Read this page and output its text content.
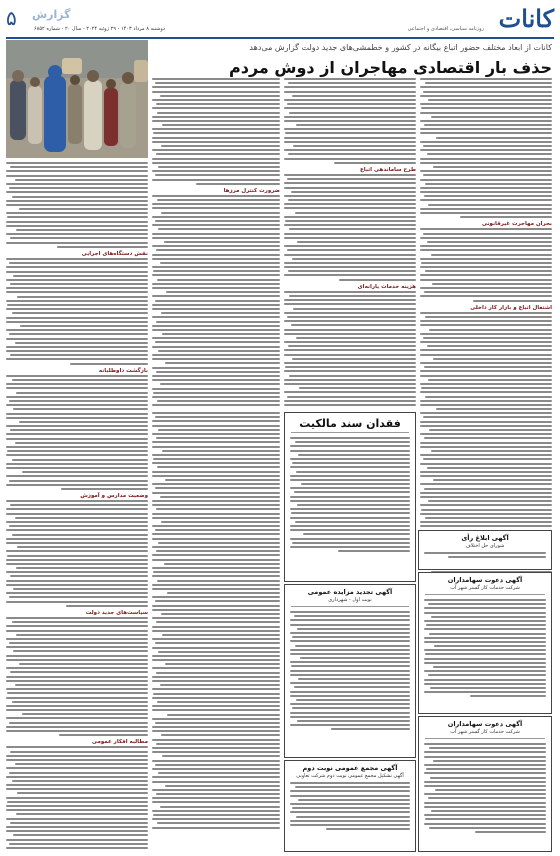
کانات
روزنامه سیاسی، اقتصادی و اجتماعی
۵ گزارش
دوشنبه ۸ مرداد ۱۴۰۳ - ۲۹ ژوئیه ۲۰۲۴ - سال ۲۰ - شماره ۶۸۵۲
کانات از ابعاد مختلف حضور اتباع بیگانه در کشور و خطمشی‌های جدید دولت گزارش می‌دهد
حذف بار اقتصادی مهاجران از دوش مردم

بحران مهاجرت غیرقانونی

اشتغال اتباع و بازار کار داخلی

طرح ساماندهی اتباع

هزینه خدمات یارانه‌ای

ضرورت کنترل مرزها

نقش دستگاه‌های اجرایی

بازگشت داوطلبانه

وضعیت مدارس و آموزش

سیاست‌های جدید دولت

مطالبه افکار عمومی

فقدان سند مالکیت
آگهی تجدید مزایده عمومی
نوبت اول - شهرداری
آگهی مجمع عمومی نوبت دوم
آگهی تشکیل مجمع عمومی نوبت دوم شرکت تعاونی
آگهی ابلاغ رأی
شورای حل اختلاف
آگهی دعوت سهامداران
شرکت خدمات کار گستر شهر آب
آگهی دعوت سهامداران
شرکت خدمات کار گستر شهر آب
